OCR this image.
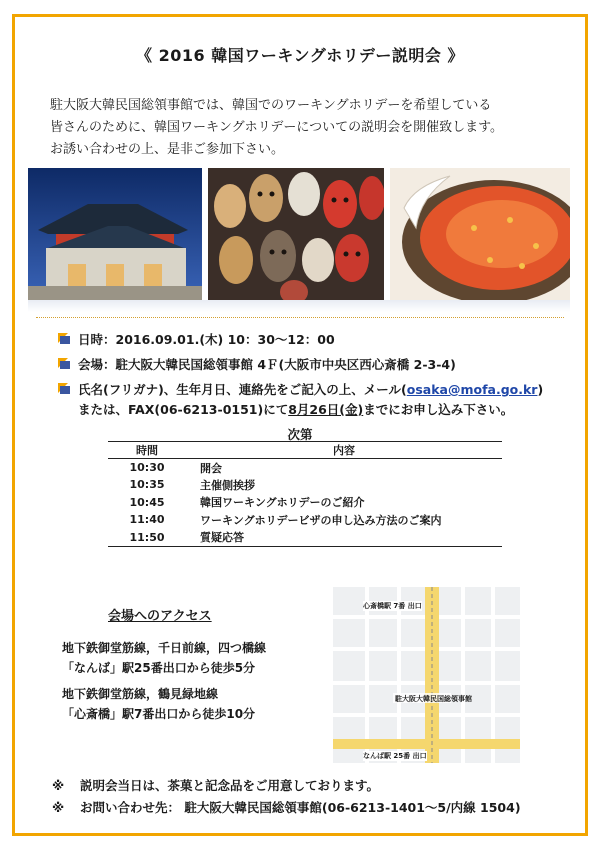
《 2016 韓国ワーキングホリデー説明会 》
駐大阪大韓民国総領事館では、韓国でのワーキングホリデーを希望している
皆さんのために、韓国ワーキングホリデーについての説明会を開催致します。
お誘い合わせの上、是非ご参加下さい。
日時：2016.09.01.(木) 10：30～12：00
会場：駐大阪大韓民国総領事館 4Ｆ(大阪市中央区西心斎橋 2-3-4)
氏名(フリガナ)、生年月日、連絡先をご記入の上、メール(osaka@mofa.go.kr)
または、FAX(06-6213-0151)にて8月26日(金)までにお申し込み下さい。
次第
時間	内容
10:30	開会
10:35	主催側挨拶
10:45	韓国ワーキングホリデーのご紹介
11:40	ワーキングホリデービザの申し込み方法のご案内
11:50	質疑応答
会場へのアクセス
地下鉄御堂筋線，千日前線，四つ橋線
「なんば」駅25番出口から徒歩5分
地下鉄御堂筋線，鶴見緑地線
「心斎橋」駅7番出口から徒歩10分
心斎橋駅 7番 出口
駐大阪大韓民国総領事館
なんば駅 25番 出口
※ 説明会当日は、茶菓と記念品をご用意しております。
※ お問い合わせ先： 駐大阪大韓民国総領事館(06-6213-1401～5/内線 1504)
